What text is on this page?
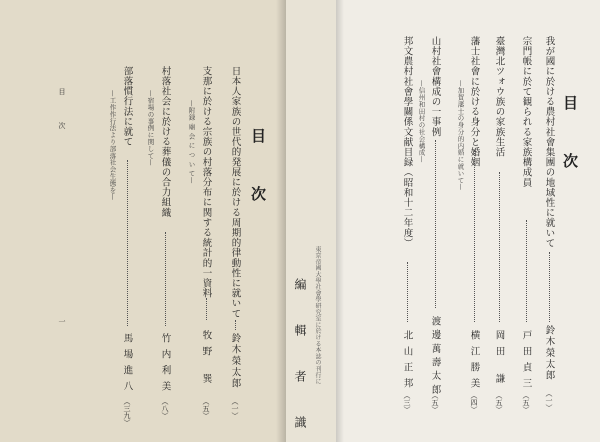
目　次
日本人家族の世代的発展に於ける周期的律動性に就いて
鈴木榮太郎
（一）
支那に於ける宗族の村落分布に関する統計的一資料
—附録 廟 会 に つ い て—
牧 野 　巽
（五）
村落社会に於ける葬儀の合力組織
—宿場の事例に関して—
竹 内 利 美
（八）
部落慣行法に就て
—工作作行法より部落社会生態を—
馬 場 進 八
（三九）
目　次
一	東京帝國大學社會學研究室に於ける本誌の刊行に
編　輯　者　識
目　次
我が國に於ける農村社會集團の地域性に就いて
鈴木榮太郎
（一）
宗門帳に於て観られる家族構成員
戸 田 貞 三
（五）
臺灣北ツォウ族の家族生活
岡 田 　謙
（五）
藩士社會に於ける身分と婚姻
—加賀藩士の身分的内婚に就いて—
横 江 勝 美
（四）
山村社會構成の一事例
—信州和田村の社会構成—
渡 邊 萬 壽 太 郎
（五）
邦文農村社會學關係文献目録（昭和十二年度）
北 山 正 邦
（三）
